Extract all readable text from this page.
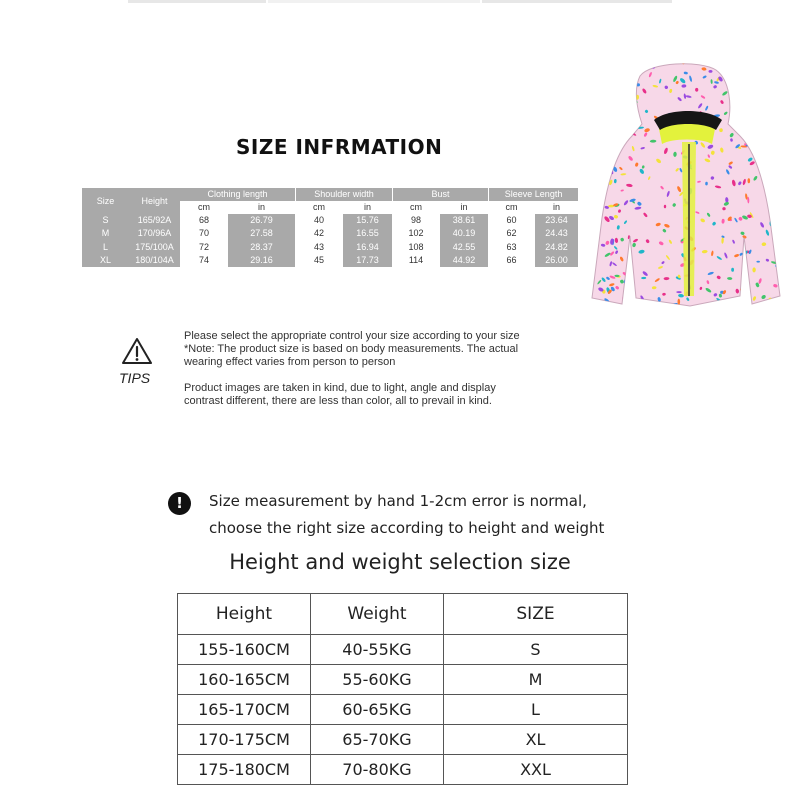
SIZE INFRMATION
Size	Height	Clothing length		Shoulder width		Bust		Sleeve Length	
		cm	in	cm	in	cm	in	cm	in
S	165/92A	68	26.79	40	15.76	98	38.61	60	23.64
M	170/96A	70	27.58	42	16.55	102	40.19	62	24.43
L	175/100A	72	28.37	43	16.94	108	42.55	63	24.82
XL	180/104A	74	29.16	45	17.73	114	44.92	66	26.00
TIPS

Please select the appropriate control your size according to your size

*Note: The product size is based on body measurements. The actual

wearing effect varies from person to person

Product images are taken in kind, due to light, angle and display

contrast different, there are less than color, all to prevail in kind.

!	Size measurement by hand 1-2cm error is normal,
choose the right size according to height and weight
Height and weight selection size
Height	Weight	SIZE
155-160CM	40-55KG	S
160-165CM	55-60KG	M
165-170CM	60-65KG	L
170-175CM	65-70KG	XL
175-180CM	70-80KG	XXL
